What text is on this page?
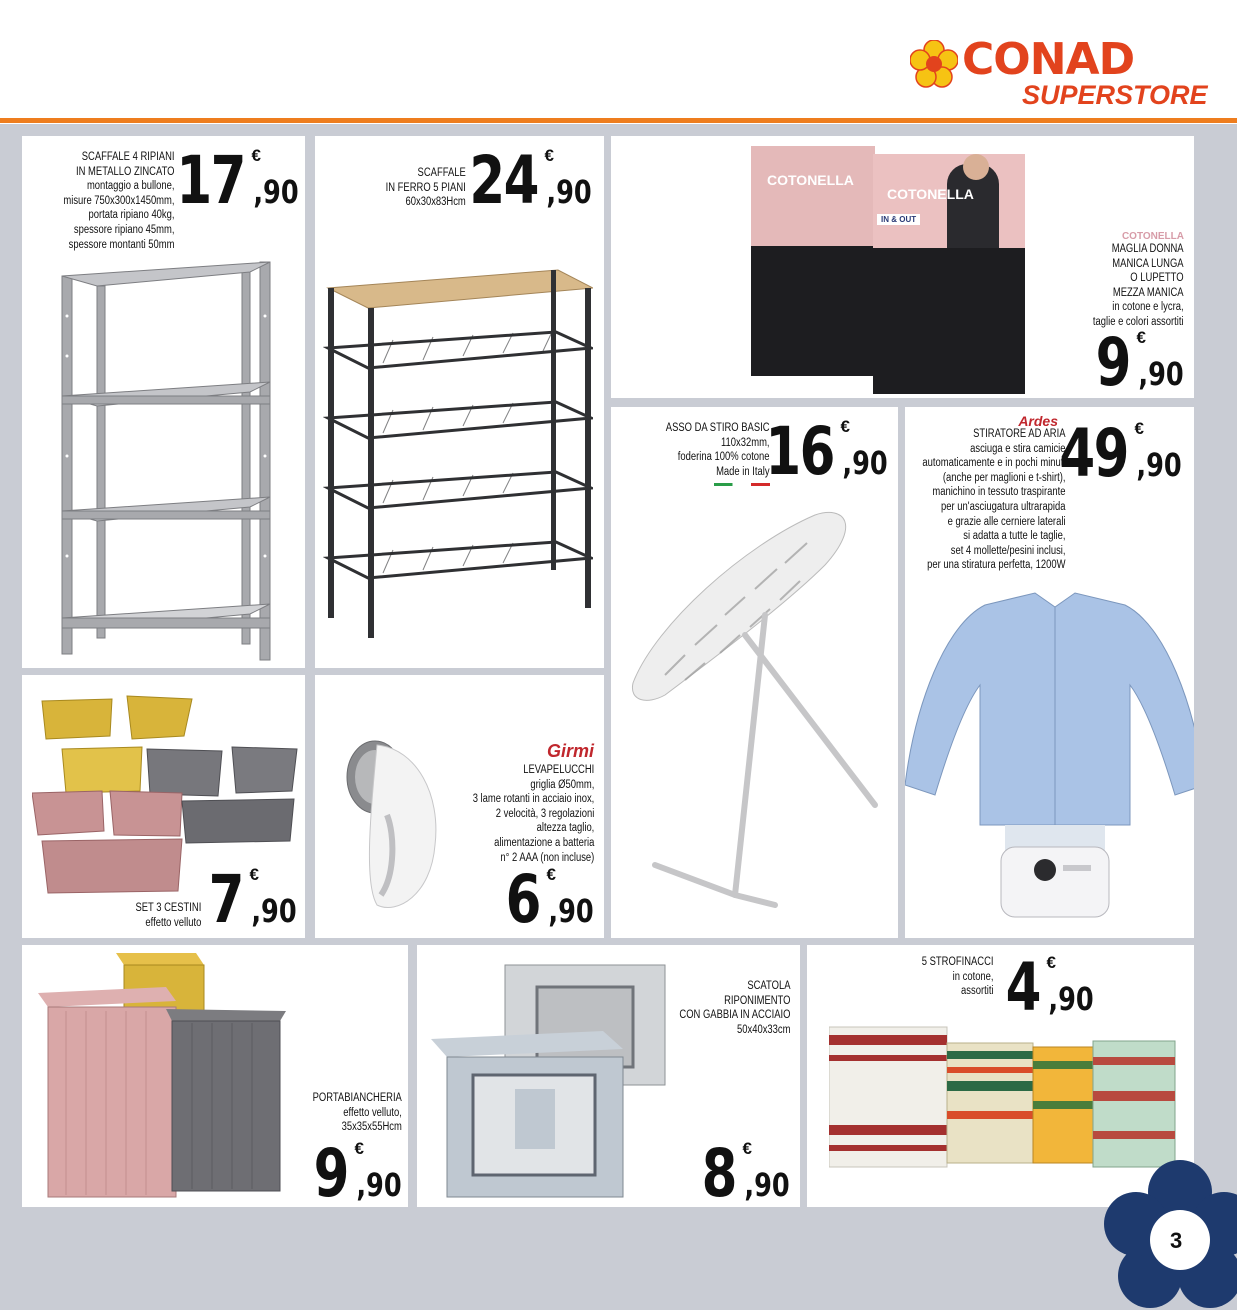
CONAD
SUPERSTORE
SCAFFALE 4 RIPIANI
IN METALLO ZINCATO
montaggio a bullone,
misure 750x300x1450mm,
portata ripiano 40kg,
spessore ripiano 45mm,
spessore montanti 50mm
17 €
,90	SCAFFALE
IN FERRO 5 PIANI
60x30x83Hcm 24 €
,90	COTONELLA
COTONELLA
IN & OUT
COTONELLA
MAGLIA DONNA
MANICA LUNGA
O LUPETTO
MEZZA MANICA
in cotone e lycra,
taglie e colori assortiti
9 €
,90
ASSO DA STIRO BASIC
110x32mm,
foderina 100% cotone
Made in Italy
16 €
,90
Ardes
STIRATORE AD ARIA
asciuga e stira camicie
automaticamente e in pochi minuti
(anche per maglioni e t-shirt),
manichino in tessuto traspirante
per un'asciugatura ultrarapida
e grazie alle cerniere laterali
si adatta a tutte le taglie,
set 4 mollette/pesini inclusi,
per una stiratura perfetta, 1200W
49 €
,90
SET 3 CESTINI
effetto velluto 7 €
,90
Girmi
LEVAPELUCCHI
griglia Ø50mm,
3 lame rotanti in acciaio inox,
2 velocità, 3 regolazioni
altezza taglio,
alimentazione a batteria
n° 2 AAA (non incluse)
6 €
,90
PORTABIANCHERIA
effetto velluto,
35x35x55Hcm
9 €
,90
SCATOLA
RIPONIMENTO
CON GABBIA IN ACCIAIO
50x40x33cm
8 €
,90
5 STROFINACCI
in cotone,
assortiti 4 €
,90
3
